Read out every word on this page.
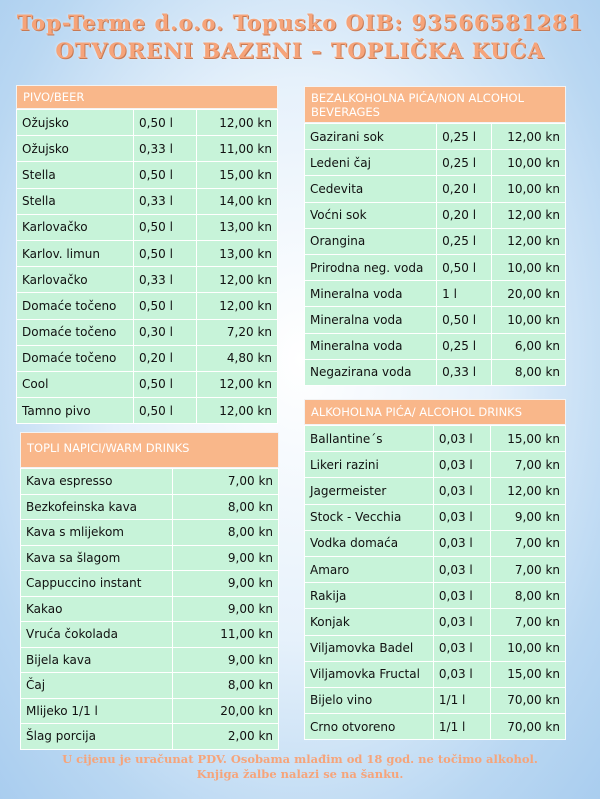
Top-Terme d.o.o. Topusko OIB: 93566581281
OTVORENI BAZENI – TOPLIČKA KUĆA
PIVO/BEER
Ožujsko	0,50 l	12,00 kn
Ožujsko	0,33 l	11,00 kn
Stella	0,50 l	15,00 kn
Stella	0,33 l	14,00 kn
Karlovačko	0,50 l	13,00 kn
Karlov. limun	0,50 l	13,00 kn
Karlovačko	0,33 l	12,00 kn
Domaće točeno	0,50 l	12,00 kn
Domaće točeno	0,30 l	7,20 kn
Domaće točeno	0,20 l	4,80 kn
Cool	0,50 l	12,00 kn
Tamno pivo	0,50 l	12,00 kn
TOPLI NAPICI/WARM DRINKS
Kava espresso	7,00 kn
Bezkofeinska kava	8,00 kn
Kava s mlijekom	8,00 kn
Kava sa šlagom	9,00 kn
Cappuccino instant	9,00 kn
Kakao	9,00 kn
Vruća čokolada	11,00 kn
Bijela kava	9,00 kn
Čaj	8,00 kn
Mlijeko 1/1 l	20,00 kn
Šlag porcija	2,00 kn
BEZALKOHOLNA PIĆA/NON ALCOHOL BEVERAGES
Gazirani sok	0,25 l	12,00 kn
Ledeni čaj	0,25 l	10,00 kn
Cedevita	0,20 l	10,00 kn
Voćni sok	0,20 l	12,00 kn
Orangina	0,25 l	12,00 kn
Prirodna neg. voda	0,50 l	10,00 kn
Mineralna voda	1 l	20,00 kn
Mineralna voda	0,50 l	10,00 kn
Mineralna voda	0,25 l	6,00 kn
Negazirana voda	0,33 l	8,00 kn
ALKOHOLNA PIĆA/ ALCOHOL DRINKS
Ballantine´s	0,03 l	15,00 kn
Likeri razini	0,03 l	7,00 kn
Jagermeister	0,03 l	12,00 kn
Stock - Vecchia	0,03 l	9,00 kn
Vodka domaća	0,03 l	7,00 kn
Amaro	0,03 l	7,00 kn
Rakija	0,03 l	8,00 kn
Konjak	0,03 l	7,00 kn
Viljamovka Badel	0,03 l	10,00 kn
Viljamovka Fructal	0,03 l	15,00 kn
Bijelo vino	1/1 l	70,00 kn
Crno otvoreno	1/1 l	70,00 kn
U cijenu je uračunat PDV. Osobama mlađim od 18 god. ne točimo alkohol.
Knjiga žalbe nalazi se na šanku.
